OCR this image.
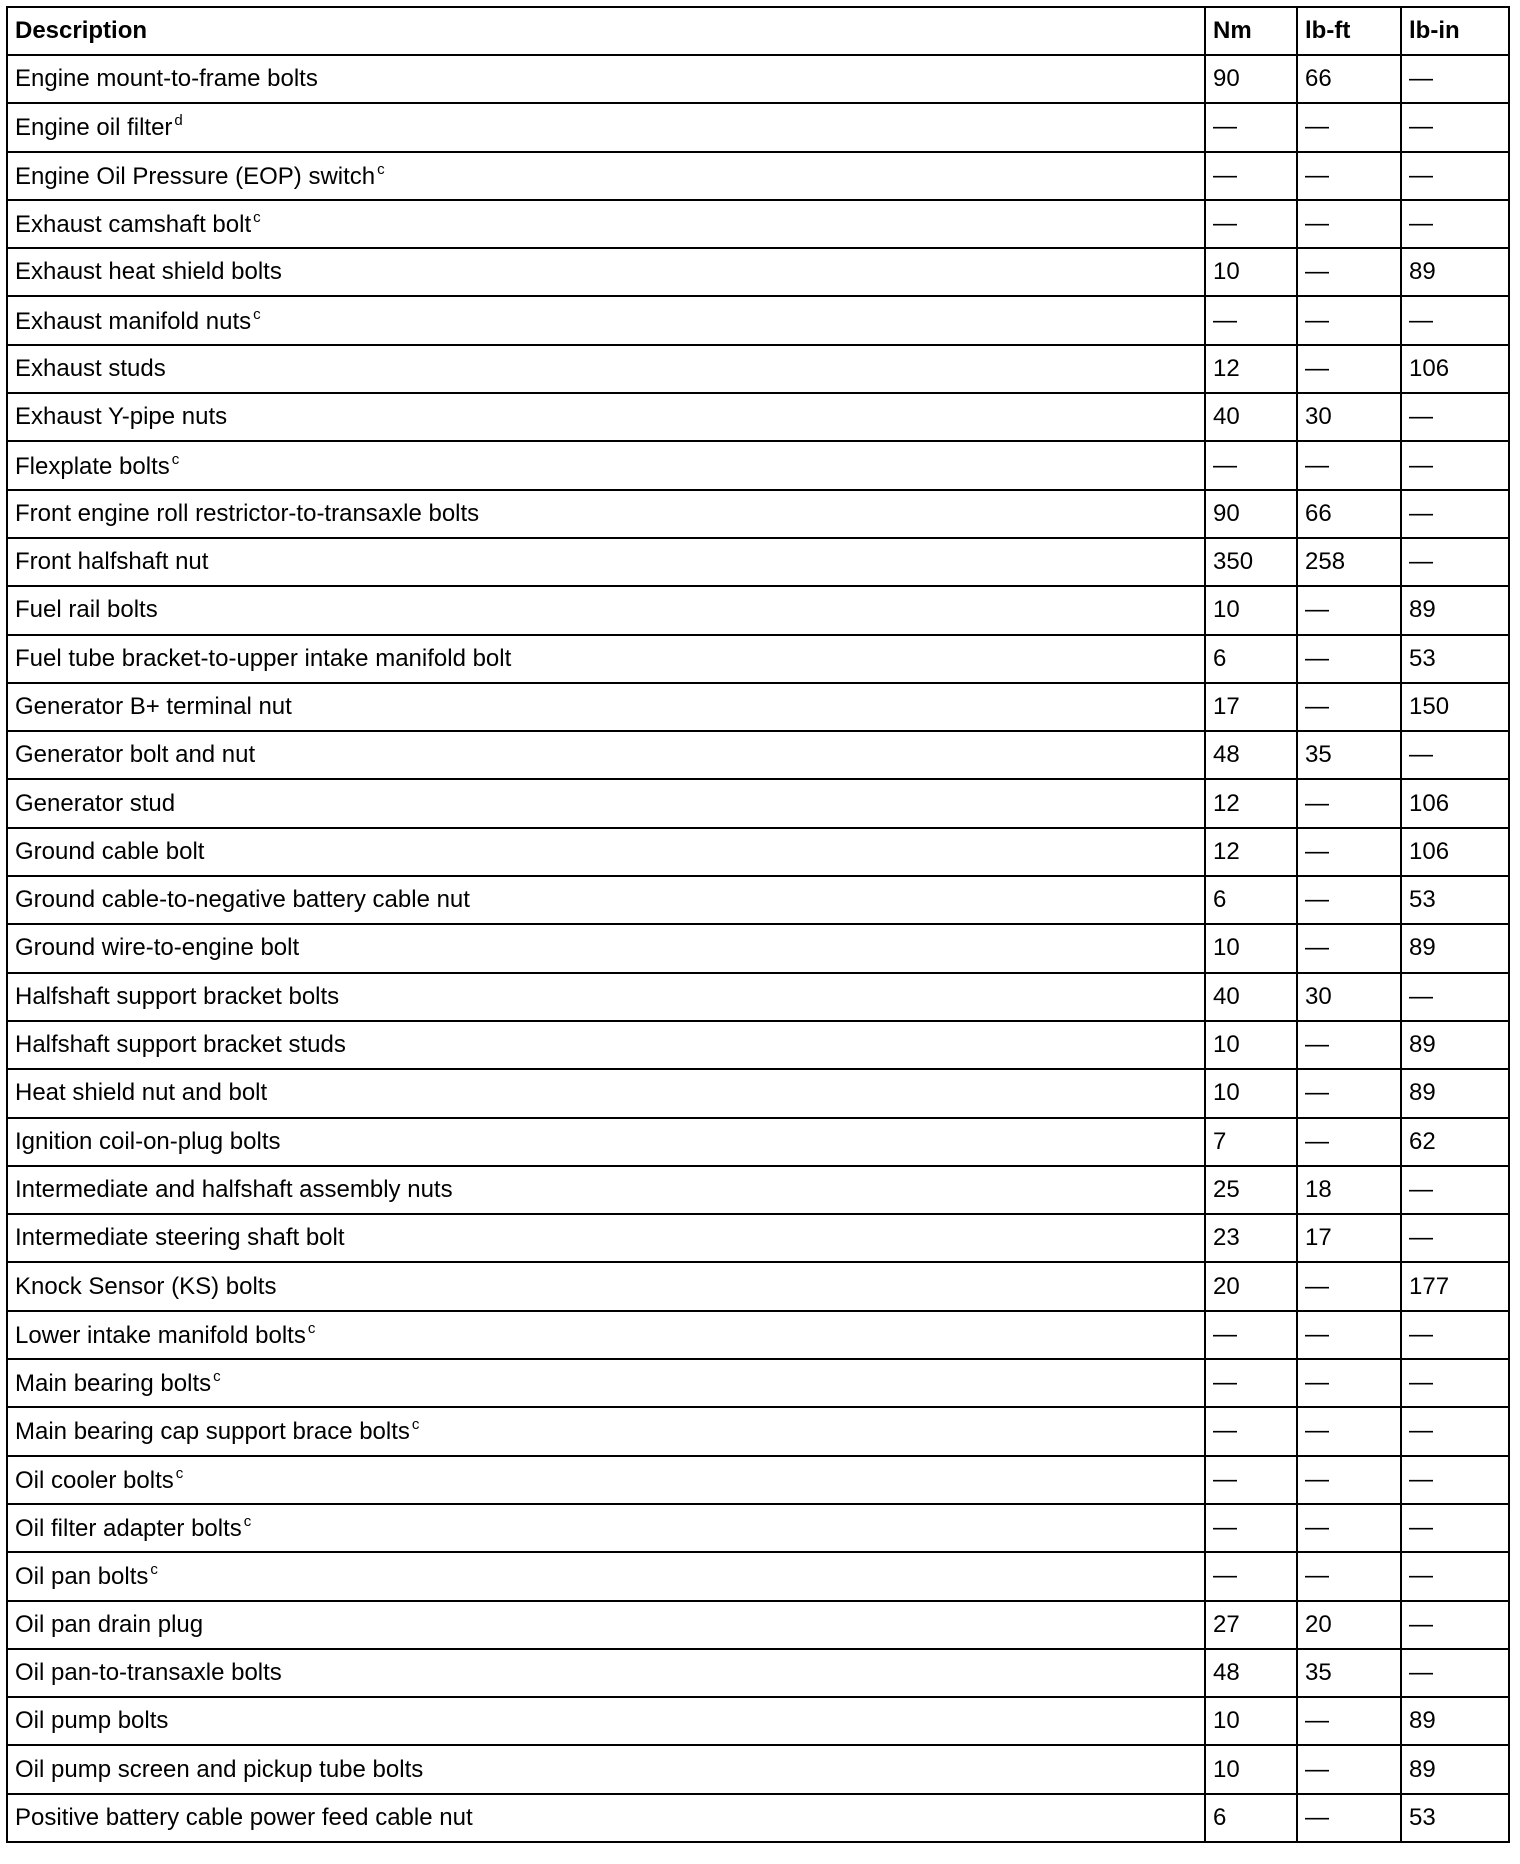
Description	Nm	lb-ft	lb-in
Engine mount-to-frame bolts	90	66	—
Engine oil filter $^d$	—	—	—
Engine Oil Pressure (EOP) switch $^c$	—	—	—
Exhaust camshaft bolt $^c$	—	—	—
Exhaust heat shield bolts	10	—	89
Exhaust manifold nuts $^c$	—	—	—
Exhaust studs	12	—	106
Exhaust Y-pipe nuts	40	30	—
Flexplate bolts $^c$	—	—	—
Front engine roll restrictor-to-transaxle bolts	90	66	—
Front halfshaft nut	350	258	—
Fuel rail bolts	10	—	89
Fuel tube bracket-to-upper intake manifold bolt	6	—	53
Generator B+ terminal nut	17	—	150
Generator bolt and nut	48	35	—
Generator stud	12	—	106
Ground cable bolt	12	—	106
Ground cable-to-negative battery cable nut	6	—	53
Ground wire-to-engine bolt	10	—	89
Halfshaft support bracket bolts	40	30	—
Halfshaft support bracket studs	10	—	89
Heat shield nut and bolt	10	—	89
Ignition coil-on-plug bolts	7	—	62
Intermediate and halfshaft assembly nuts	25	18	—
Intermediate steering shaft bolt	23	17	—
Knock Sensor (KS) bolts	20	—	177
Lower intake manifold bolts $^c$	—	—	—
Main bearing bolts $^c$	—	—	—
Main bearing cap support brace bolts $^c$	—	—	—
Oil cooler bolts $^c$	—	—	—
Oil filter adapter bolts $^c$	—	—	—
Oil pan bolts $^c$	—	—	—
Oil pan drain plug	27	20	—
Oil pan-to-transaxle bolts	48	35	—
Oil pump bolts	10	—	89
Oil pump screen and pickup tube bolts	10	—	89
Positive battery cable power feed cable nut	6	—	53
